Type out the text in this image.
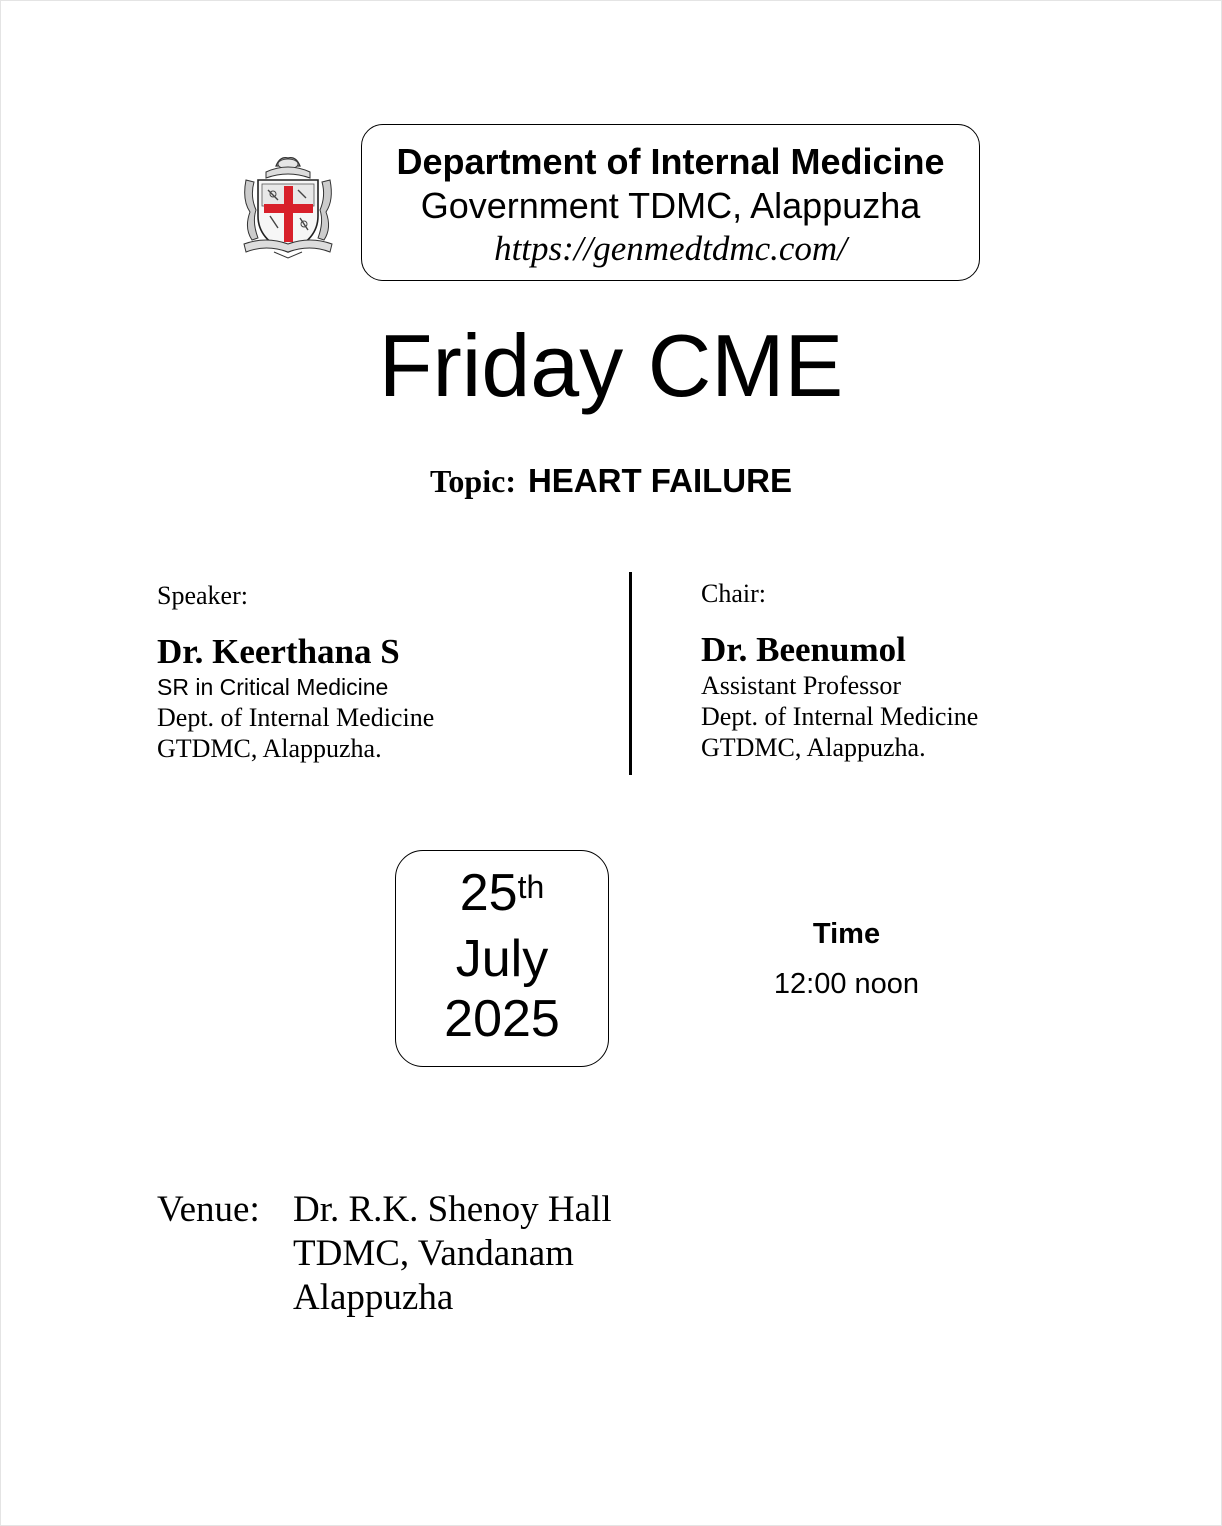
Department of Internal Medicine
Government TDMC, Alappuzha
https://genmedtdmc.com/
Friday CME
Topic: HEART FAILURE
Speaker:
Dr. Keerthana S
SR in Critical Medicine
Dept. of Internal Medicine
GTDMC, Alappuzha.
Chair:
Dr. Beenumol
Assistant Professor
Dept. of Internal Medicine
GTDMC, Alappuzha.
25th
July
2025
Time
12:00 noon
Venue: Dr. R.K. Shenoy Hall
TDMC, Vandanam
Alappuzha
